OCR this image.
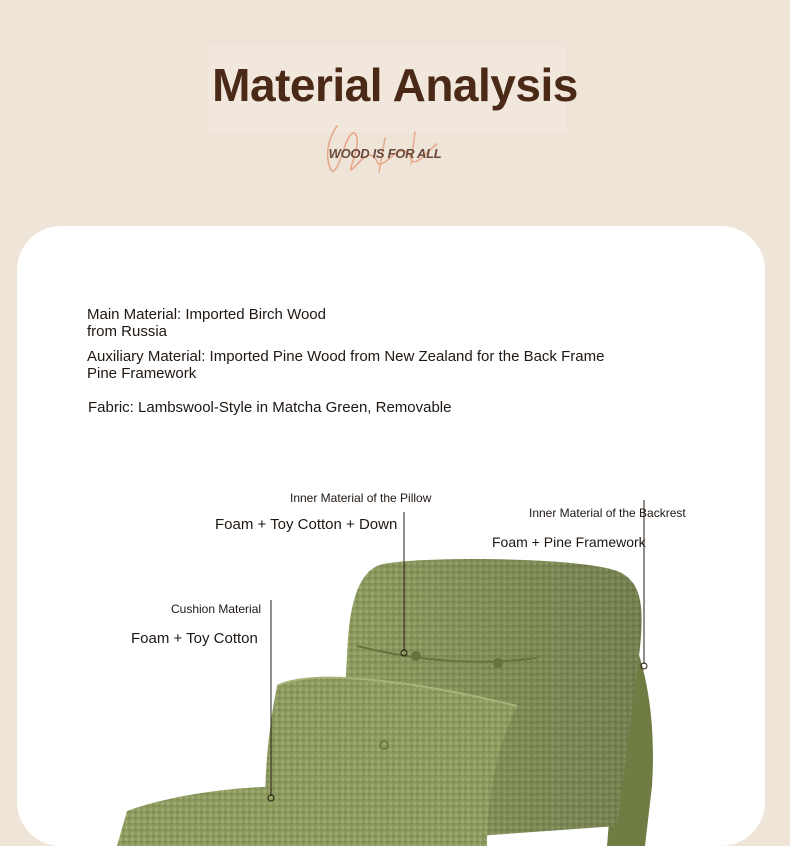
Material Analysis
WOOD IS FOR ALL
Main Material: Imported Birch Wood from Russia
Auxiliary Material: Imported Pine Wood from New Zealand for the Back Frame Pine Framework
Fabric: Lambswool-Style in Matcha Green, Removable
Inner Material of the Pillow
Foam + Toy Cotton + Down
Inner Material of the Backrest
Foam + Pine Framework
Cushion Material
Foam + Toy Cotton
